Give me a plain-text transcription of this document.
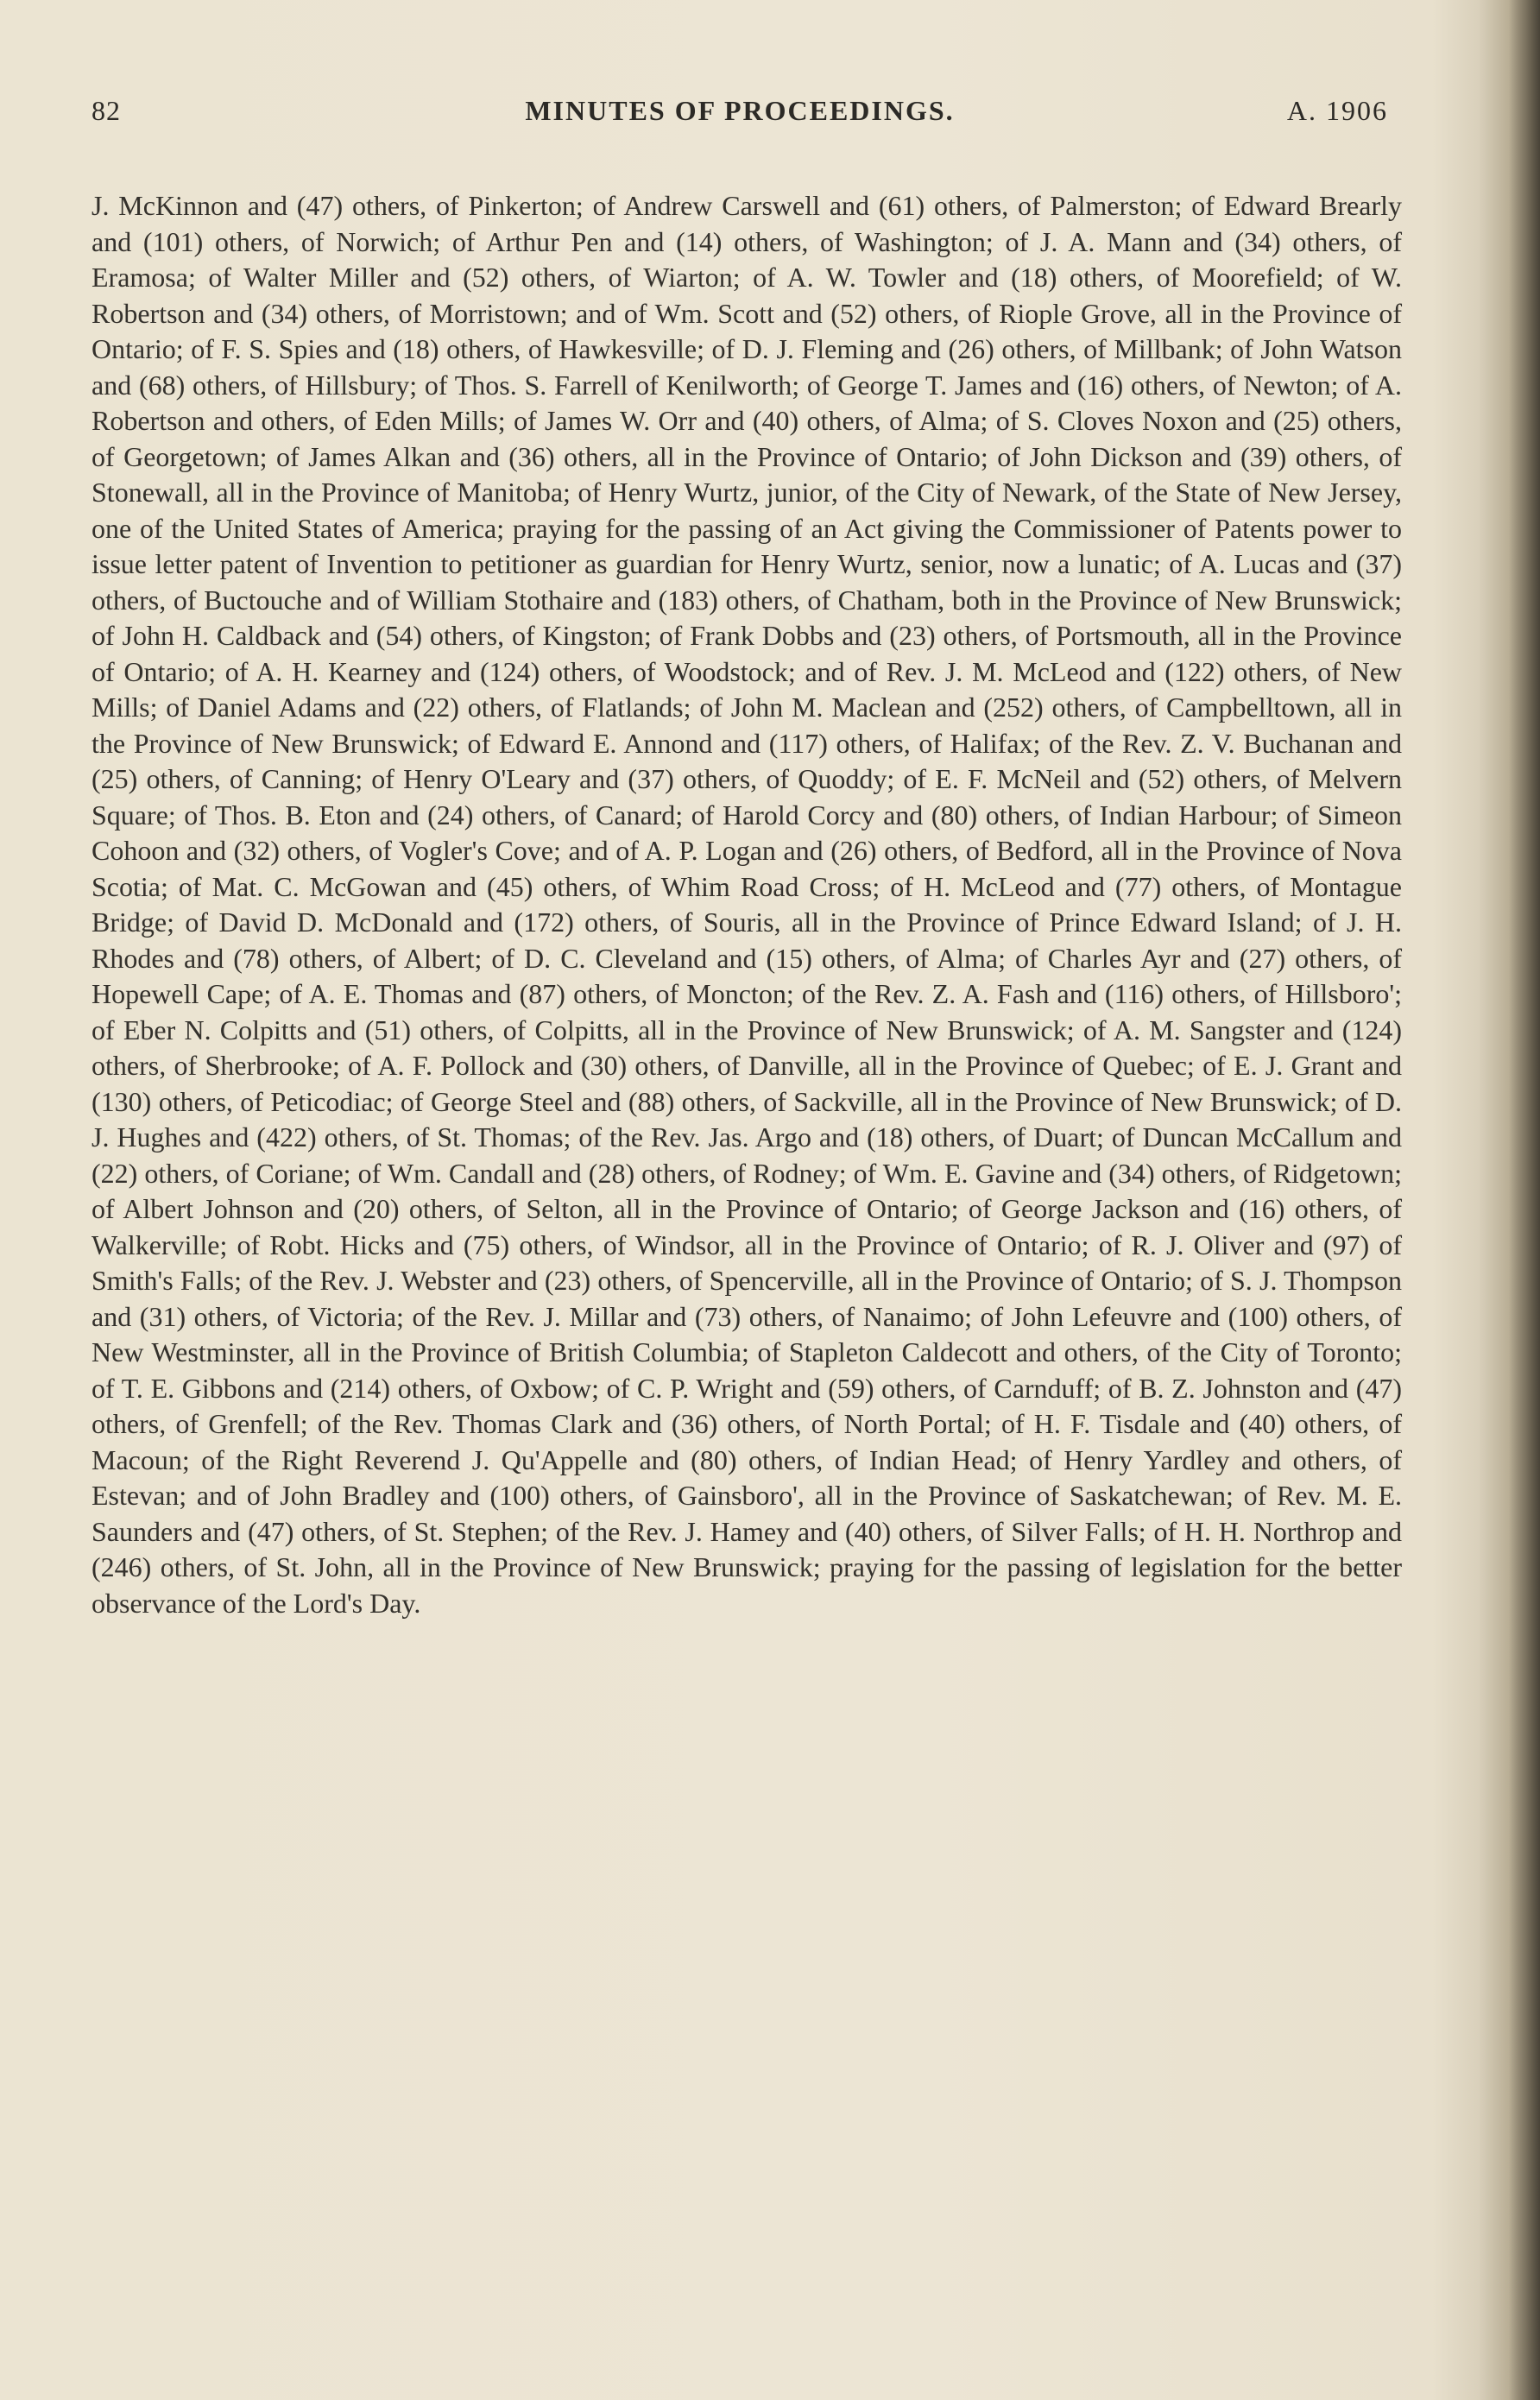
82	MINUTES OF PROCEEDINGS.	A. 1906

J. McKinnon and (47) others, of Pinkerton; of Andrew Carswell and (61) others, of Palmerston; of Edward Brearly and (101) others, of Norwich; of Arthur Pen and (14) others, of Washington; of J. A. Mann and (34) others, of Eramosa; of Walter Miller and (52) others, of Wiarton; of A. W. Towler and (18) others, of Moorefield; of W. Robertson and (34) others, of Morristown; and of Wm. Scott and (52) others, of Riople Grove, all in the Province of Ontario; of F. S. Spies and (18) others, of Hawkesville; of D. J. Fleming and (26) others, of Millbank; of John Watson and (68) others, of Hillsbury; of Thos. S. Farrell of Kenilworth; of George T. James and (16) others, of Newton; of A. Robertson and others, of Eden Mills; of James W. Orr and (40) others, of Alma; of S. Cloves Noxon and (25) others, of Georgetown; of James Alkan and (36) others, all in the Province of Ontario; of John Dickson and (39) others, of Stonewall, all in the Province of Manitoba; of Henry Wurtz, junior, of the City of Newark, of the State of New Jersey, one of the United States of America; praying for the passing of an Act giving the Commissioner of Patents power to issue letter patent of Invention to petitioner as guardian for Henry Wurtz, senior, now a lunatic; of A. Lucas and (37) others, of Buctouche and of William Stothaire and (183) others, of Chatham, both in the Province of New Brunswick; of John H. Caldback and (54) others, of Kingston; of Frank Dobbs and (23) others, of Portsmouth, all in the Province of Ontario; of A. H. Kearney and (124) others, of Woodstock; and of Rev. J. M. McLeod and (122) others, of New Mills; of Daniel Adams and (22) others, of Flatlands; of John M. Maclean and (252) others, of Campbelltown, all in the Province of New Brunswick; of Edward E. Annond and (117) others, of Halifax; of the Rev. Z. V. Buchanan and (25) others, of Canning; of Henry O'Leary and (37) others, of Quoddy; of E. F. McNeil and (52) others, of Melvern Square; of Thos. B. Eton and (24) others, of Canard; of Harold Corcy and (80) others, of Indian Harbour; of Simeon Cohoon and (32) others, of Vogler's Cove; and of A. P. Logan and (26) others, of Bedford, all in the Province of Nova Scotia; of Mat. C. McGowan and (45) others, of Whim Road Cross; of H. McLeod and (77) others, of Montague Bridge; of David D. McDonald and (172) others, of Souris, all in the Province of Prince Edward Island; of J. H. Rhodes and (78) others, of Albert; of D. C. Cleveland and (15) others, of Alma; of Charles Ayr and (27) others, of Hopewell Cape; of A. E. Thomas and (87) others, of Moncton; of the Rev. Z. A. Fash and (116) others, of Hillsboro'; of Eber N. Colpitts and (51) others, of Colpitts, all in the Province of New Brunswick; of A. M. Sangster and (124) others, of Sherbrooke; of A. F. Pollock and (30) others, of Danville, all in the Province of Quebec; of E. J. Grant and (130) others, of Peticodiac; of George Steel and (88) others, of Sackville, all in the Province of New Brunswick; of D. J. Hughes and (422) others, of St. Thomas; of the Rev. Jas. Argo and (18) others, of Duart; of Duncan McCallum and (22) others, of Coriane; of Wm. Candall and (28) others, of Rodney; of Wm. E. Gavine and (34) others, of Ridgetown; of Albert Johnson and (20) others, of Selton, all in the Province of Ontario; of George Jackson and (16) others, of Walkerville; of Robt. Hicks and (75) others, of Windsor, all in the Province of Ontario; of R. J. Oliver and (97) of Smith's Falls; of the Rev. J. Webster and (23) others, of Spencerville, all in the Province of Ontario; of S. J. Thompson and (31) others, of Victoria; of the Rev. J. Millar and (73) others, of Nanaimo; of John Lefeuvre and (100) others, of New Westminster, all in the Province of British Columbia; of Stapleton Caldecott and others, of the City of Toronto; of T. E. Gibbons and (214) others, of Oxbow; of C. P. Wright and (59) others, of Carnduff; of B. Z. Johnston and (47) others, of Grenfell; of the Rev. Thomas Clark and (36) others, of North Portal; of H. F. Tisdale and (40) others, of Macoun; of the Right Reverend J. Qu'Appelle and (80) others, of Indian Head; of Henry Yardley and others, of Estevan; and of John Bradley and (100) others, of Gainsboro', all in the Province of Saskatchewan; of Rev. M. E. Saunders and (47) others, of St. Stephen; of the Rev. J. Hamey and (40) others, of Silver Falls; of H. H. Northrop and (246) others, of St. John, all in the Province of New Brunswick; praying for the passing of legislation for the better observance of the Lord's Day.
